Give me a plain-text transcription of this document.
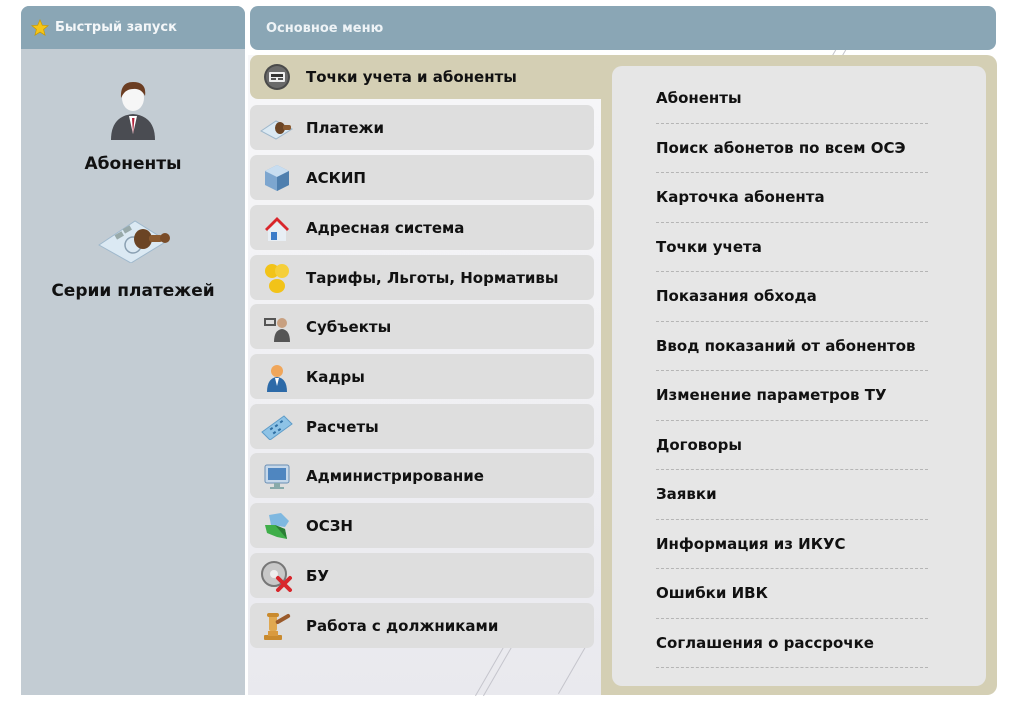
Быстрый запуск
Абоненты
Серии платежей
Основное меню
Точки учета и абоненты
Платежи
АСКИП
Адресная система
Тарифы, Льготы, Нормативы
Субъекты
Кадры
Расчеты
Администрирование
ОСЗН
БУ
Работа с должниками
Абоненты
Поиск абонетов по всем ОСЭ
Карточка абонента
Точки учета
Показания обхода
Ввод показаний от абонентов
Изменение параметров ТУ
Договоры
Заявки
Информация из ИКУС
Ошибки ИВК
Соглашения о рассрочке
